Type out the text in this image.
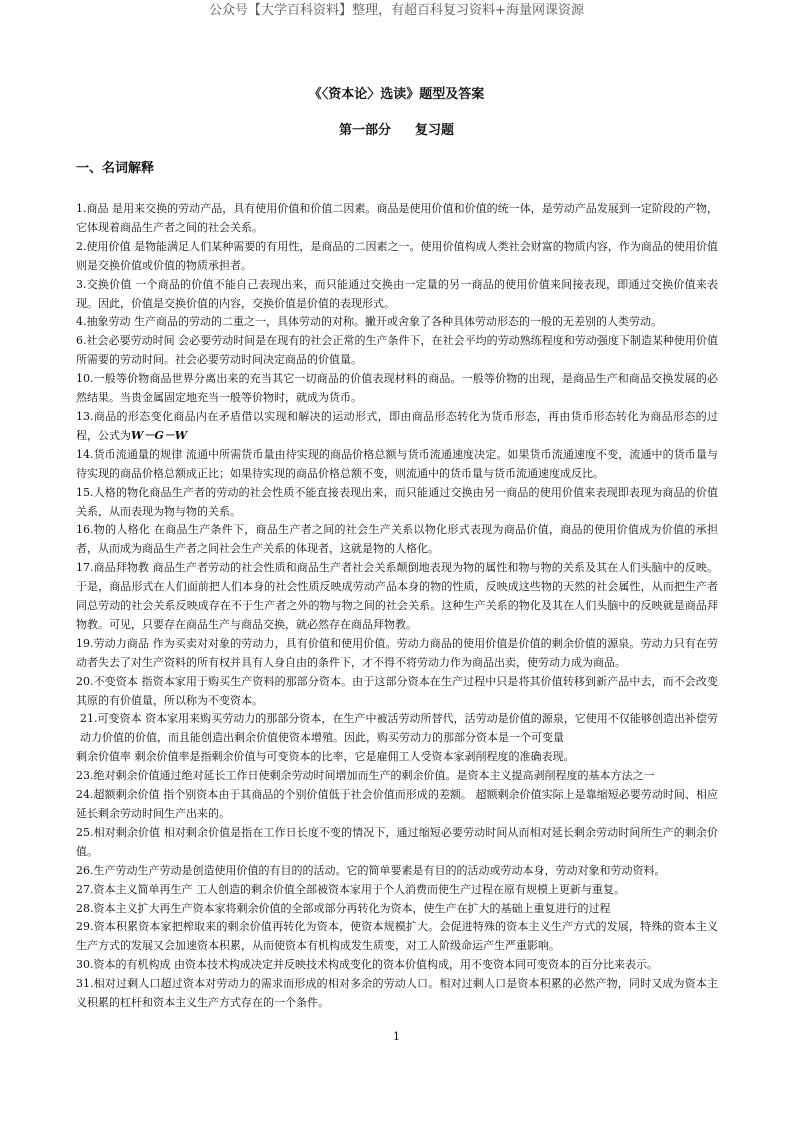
公众号【大学百科资料】整理，有超百科复习资料+海量网课资源
《〈资本论〉选读》题型及答案
第一部分 复习题
一、名词解释

1.商品 是用来交换的劳动产品，具有使用价值和价值二因素。商品是使用价值和价值的统一体，是劳动产品发展到一定阶段的产物，它体现着商品生产者之间的社会关系。

2.使用价值 是物能满足人们某种需要的有用性，是商品的二因素之一。使用价值构成人类社会财富的物质内容，作为商品的使用价值则是交换价值或价值的物质承担者。

3.交换价值 一个商品的价值不能自己表现出来，而只能通过交换由一定量的另一商品的使用价值来间接表现，即通过交换价值来表现。因此，价值是交换价值的内容，交换价值是价值的表现形式。

4.抽象劳动 生产商品的劳动的二重之一，具体劳动的对称。撇开或舍象了各种具体劳动形态的一般的无差别的人类劳动。

6.社会必要劳动时间 会必要劳动时间是在现有的社会正常的生产条件下，在社会平均的劳动熟练程度和劳动强度下制造某种使用价值所需要的劳动时间。社会必要劳动时间决定商品的价值量。

10.一般等价物商品世界分离出来的充当其它一切商品的价值表现材料的商品。一般等价物的出现，是商品生产和商品交换发展的必然结果。当贵金属固定地充当一般等价物时，就成为货币。

13.商品的形态变化商品内在矛盾借以实现和解决的运动形式，即由商品形态转化为货币形态，再由货币形态转化为商品形态的过程，公式为W－G－W

14.货币流通量的规律 流通中所需货币量由待实现的商品价格总额与货币流通速度决定。如果货币流通速度不变，流通中的货币量与待实现的商品价格总额成正比；如果待实现的商品价格总额不变，则流通中的货币量与货币流通速度成反比。

15.人格的物化商品生产者的劳动的社会性质不能直接表现出来，而只能通过交换由另一商品的使用价值来表现即表现为商品的价值关系，从而表现为物与物的关系。

16.物的人格化 在商品生产条件下，商品生产者之间的社会生产关系以物化形式表现为商品价值，商品的使用价值成为价值的承担者，从而成为商品生产者之间社会生产关系的体现者，这就是物的人格化。

17.商品拜物教 商品生产者劳动的社会性质和商品生产者社会关系颠倒地表现为物的属性和物与物的关系及其在人们头脑中的反映。于是，商品形式在人们面前把人们本身的社会性质反映成劳动产品本身的物的性质，反映成这些物的天然的社会属性，从而把生产者同总劳动的社会关系反映成存在不于生产者之外的物与物之间的社会关系。这种生产关系的物化及其在人们头脑中的反映就是商品拜物教。可见，只要存在商品生产与商品交换，就必然存在商品拜物教。

19.劳动力商品 作为买卖对对象的劳动力，具有价值和使用价值。劳动力商品的使用价值是价值的剩余价值的源泉。劳动力只有在劳动者失去了对生产资料的所有权并具有人身自由的条件下，才不得不将劳动力作为商品出卖，使劳动力成为商品。

20.不变资本 指资本家用于购买生产资料的那部分资本。由于这部分资本在生产过程中只是将其价值转移到新产品中去，而不会改变其原的有价值量，所以称为不变资本。

21.可变资本 资本家用来购买劳动力的那部分资本，在生产中被活劳动所替代，活劳动是价值的源泉，它使用不仅能够创造出补偿劳动力价值的价值，而且能创造出剩余价值使资本增殖。因此，购买劳动力的那部分资本是一个可变量

剩余价值率 剩余价值率是指剩余价值与可变资本的比率，它是雇佣工人受资本家剥削程度的准确表现。

23.绝对剩余价值通过绝对延长工作日使剩余劳动时间增加而生产的剩余价值。是资本主义提高剥削程度的基本方法之一

24.超额剩余价值 指个别资本由于其商品的个别价值低于社会价值而形成的差额。 超额剩余价值实际上是靠缩短必要劳动时间、相应延长剩余劳动时间生产出来的。

25.相对剩余价值 相对剩余价值是指在工作日长度不变的情况下，通过缩短必要劳动时间从而相对延长剩余劳动时间所生产的剩余价值。

26.生产劳动生产劳动是创造使用价值的有目的的活动。它的简单要素是有目的的活动或劳动本身，劳动对象和劳动资料。

27.资本主义简单再生产 工人创造的剩余价值全部被资本家用于个人消费而使生产过程在原有规模上更新与重复。

28.资本主义扩大再生产资本家将剩余价值的全部或部分再转化为资本，使生产在扩大的基础上重复进行的过程

29.资本积累资本家把榨取来的剩余价值再转化为资本，使资本规模扩大。会促进特殊的资本主义生产方式的发展，特殊的资本主义生产方式的发展又会加速资本积累，从而使资本有机构成发生质变，对工人阶级命运产生严重影响。

30.资本的有机构成 由资本技术构成决定并反映技术构成变化的资本价值构成，用不变资本同可变资本的百分比来表示。

31.相对过剩人口超过资本对劳动力的需求而形成的相对多余的劳动人口。相对过剩人口是资本积累的必然产物，同时又成为资本主义积累的杠杆和资本主义生产方式存在的一个条件。

1
